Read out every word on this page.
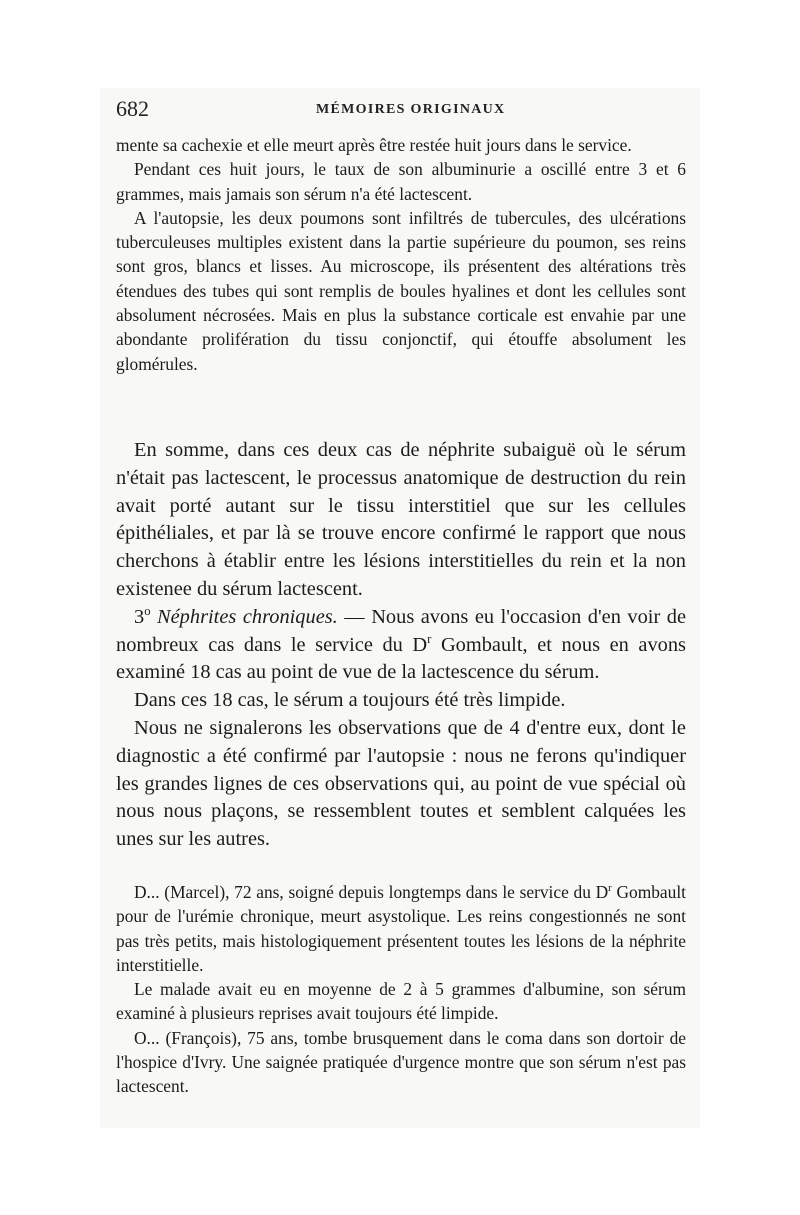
682	MÉMOIRES ORIGINAUX

mente sa cachexie et elle meurt après être restée huit jours dans le service.

Pendant ces huit jours, le taux de son albuminurie a oscillé entre 3 et 6 grammes, mais jamais son sérum n'a été lactescent.

A l'autopsie, les deux poumons sont infiltrés de tubercules, des ulcérations tuberculeuses multiples existent dans la partie supérieure du poumon, ses reins sont gros, blancs et lisses. Au microscope, ils présentent des altérations très étendues des tubes qui sont remplis de boules hyalines et dont les cellules sont absolument nécrosées. Mais en plus la substance corticale est envahie par une abondante prolifération du tissu conjonctif, qui étouffe absolument les glomérules.

En somme, dans ces deux cas de néphrite subaiguë où le sérum n'était pas lactescent, le processus anatomique de destruction du rein avait porté autant sur le tissu interstitiel que sur les cellules épithéliales, et par là se trouve encore confirmé le rapport que nous cherchons à établir entre les lésions interstitielles du rein et la non existenee du sérum lactescent.

3$^o$ Néphrites chroniques. — Nous avons eu l'occasion d'en voir de nombreux cas dans le service du $D^r$ Gombault, et nous en avons examiné 18 cas au point de vue de la lactescence du sérum.

Dans ces 18 cas, le sérum a toujours été très limpide.

Nous ne signalerons les observations que de 4 d'entre eux, dont le diagnostic a été confirmé par l'autopsie : nous ne ferons qu'indiquer les grandes lignes de ces observations qui, au point de vue spécial où nous nous plaçons, se ressemblent toutes et semblent calquées les unes sur les autres.

D... (Marcel), 72 ans, soigné depuis longtemps dans le service du $D^r$ Gombault pour de l'urémie chronique, meurt asystolique. Les reins congestionnés ne sont pas très petits, mais histologiquement présentent toutes les lésions de la néphrite interstitielle.

Le malade avait eu en moyenne de 2 à 5 grammes d'albumine, son sérum examiné à plusieurs reprises avait toujours été limpide.

O... (François), 75 ans, tombe brusquement dans le coma dans son dortoir de l'hospice d'Ivry. Une saignée pratiquée d'urgence montre que son sérum n'est pas lactescent.
